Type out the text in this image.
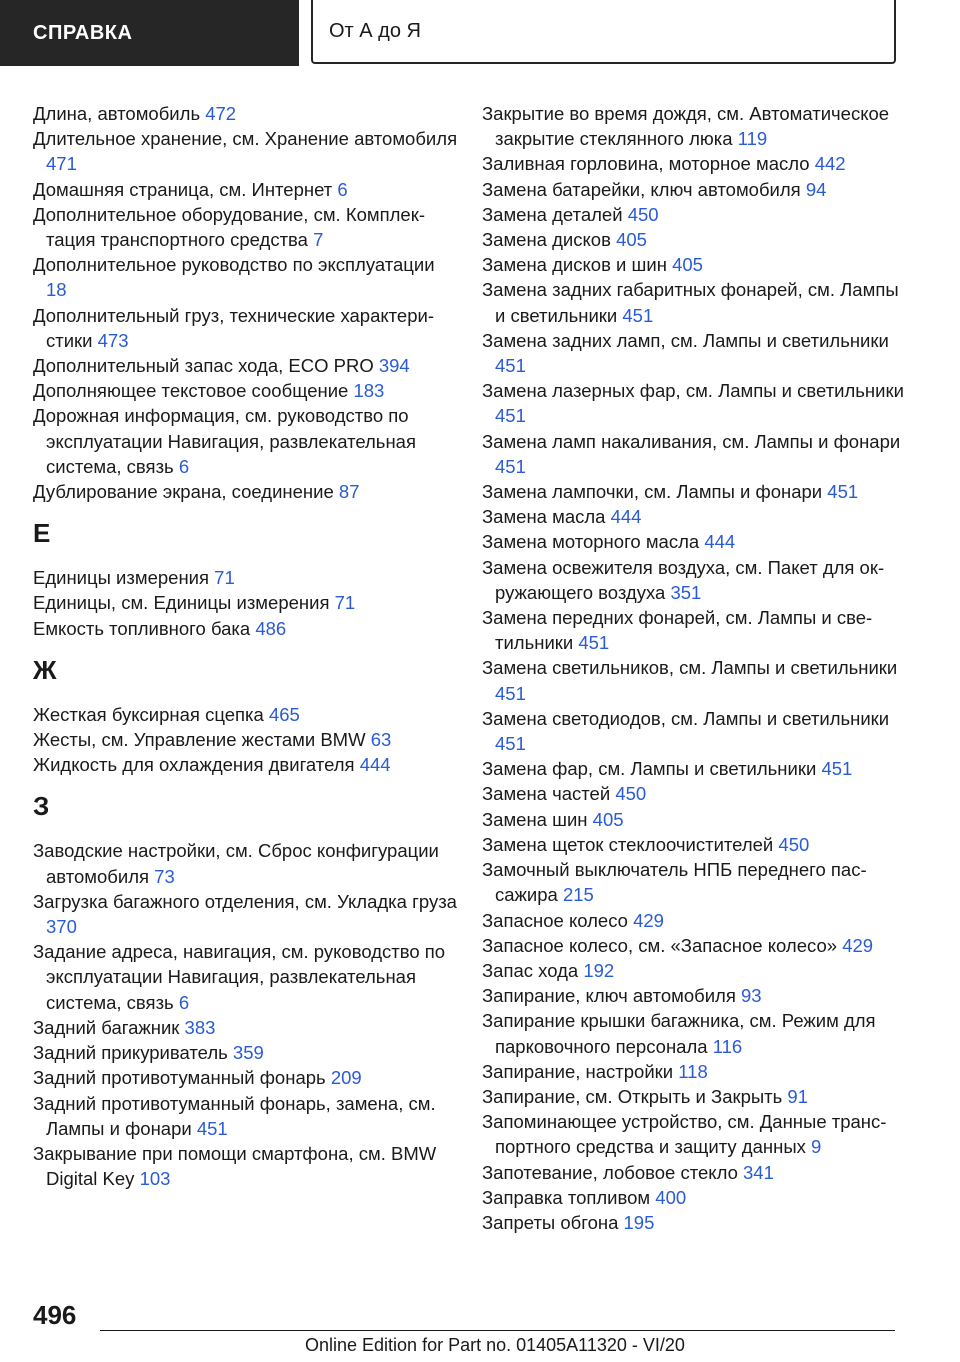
СПРАВКА	От А до Я
Длина, автомобиль 472
Длительное хранение, см. Хранение автомобиля 471
Домашняя страница, см. Интернет 6
Дополнительное оборудование, см. Комплектация транспортного средства 7
Дополнительное руководство по эксплуатации 18
Дополнительный груз, технические характеристики 473
Дополнительный запас хода, ECO PRO 394
Дополняющее текстовое сообщение 183
Дорожная информация, см. руководство по эксплуатации Навигация, развлекательная система, связь 6
Дублирование экрана, соединение 87
Е
Единицы измерения 71
Единицы, см. Единицы измерения 71
Емкость топливного бака 486
Ж
Жесткая буксирная сцепка 465
Жесты, см. Управление жестами BMW 63
Жидкость для охлаждения двигателя 444
З
Заводские настройки, см. Сброс конфигурации автомобиля 73
Загрузка багажного отделения, см. Укладка груза 370
Задание адреса, навигация, см. руководство по эксплуатации Навигация, развлекательная система, связь 6
Задний багажник 383
Задний прикуриватель 359
Задний противотуманный фонарь 209
Задний противотуманный фонарь, замена, см. Лампы и фонари 451
Закрывание при помощи смартфона, см. BMW Digital Key 103
Закрытие во время дождя, см. Автоматическое закрытие стеклянного люка 119
Заливная горловина, моторное масло 442
Замена батарейки, ключ автомобиля 94
Замена деталей 450
Замена дисков 405
Замена дисков и шин 405
Замена задних габаритных фонарей, см. Лампы и светильники 451
Замена задних ламп, см. Лампы и светильники 451
Замена лазерных фар, см. Лампы и светильники 451
Замена ламп накаливания, см. Лампы и фонари 451
Замена лампочки, см. Лампы и фонари 451
Замена масла 444
Замена моторного масла 444
Замена освежителя воздуха, см. Пакет для окружающего воздуха 351
Замена передних фонарей, см. Лампы и светильники 451
Замена светильников, см. Лампы и светильники 451
Замена светодиодов, см. Лампы и светильники 451
Замена фар, см. Лампы и светильники 451
Замена частей 450
Замена шин 405
Замена щеток стеклоочистителей 450
Замочный выключатель НПБ переднего пассажира 215
Запасное колесо 429
Запасное колесо, см. «Запасное колесо» 429
Запас хода 192
Запирание, ключ автомобиля 93
Запирание крышки багажника, см. Режим для парковочного персонала 116
Запирание, настройки 118
Запирание, см. Открыть и Закрыть 91
Запоминающее устройство, см. Данные транспортного средства и защиту данных 9
Запотевание, лобовое стекло 341
Заправка топливом 400
Запреты обгона 195
496
Online Edition for Part no. 01405A11320 - VI/20
